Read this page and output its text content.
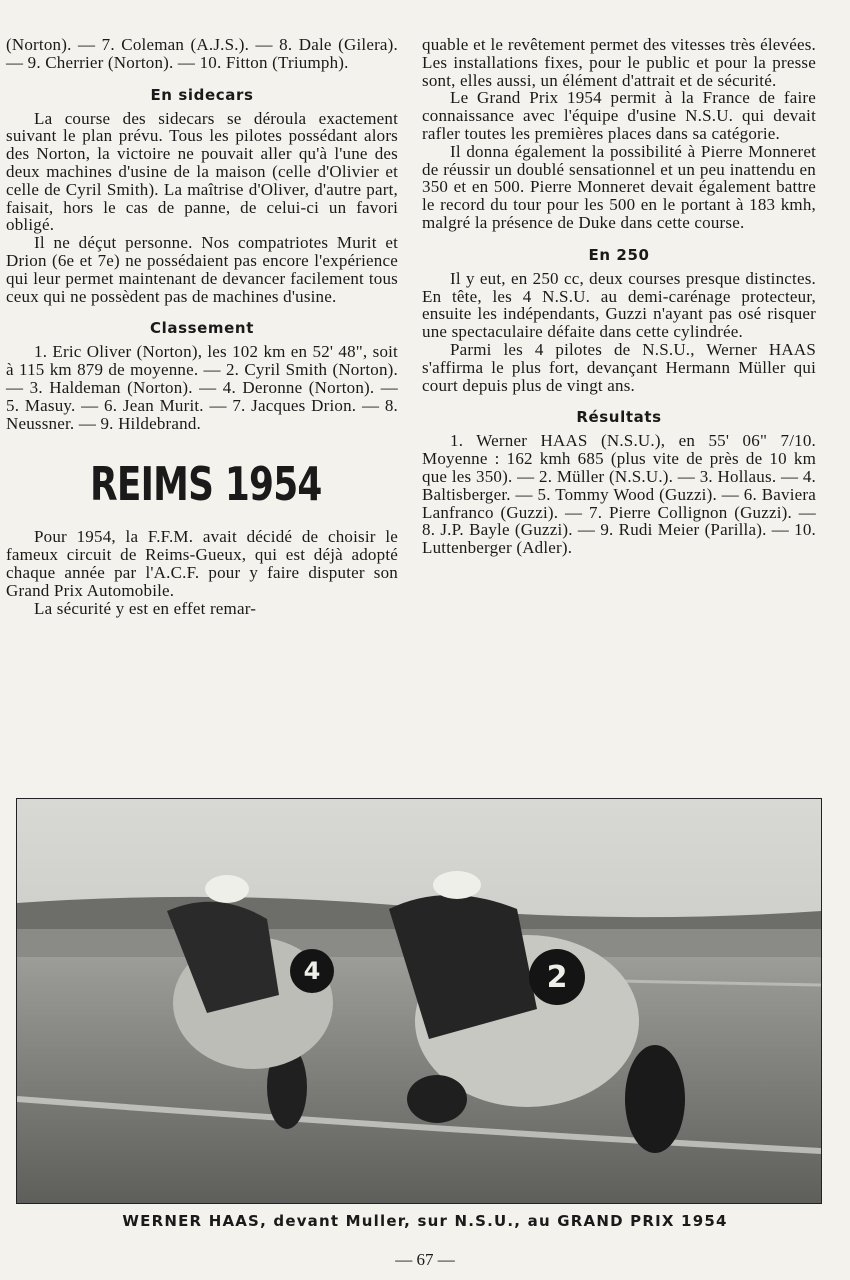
(Norton). — 7. Coleman (A.J.S.). — 8. Dale (Gilera). — 9. Cherrier (Norton). — 10. Fitton (Triumph).

En sidecars

La course des sidecars se déroula exactement suivant le plan prévu. Tous les pilotes possédant alors des Norton, la victoire ne pouvait aller qu'à l'une des deux machines d'usine de la maison (celle d'Olivier et celle de Cyril Smith). La maîtrise d'Oliver, d'autre part, faisait, hors le cas de panne, de celui-ci un favori obligé.

Il ne déçut personne. Nos compatriotes Murit et Drion (6e et 7e) ne possédaient pas encore l'expérience qui leur permet maintenant de devancer facilement tous ceux qui ne possèdent pas de machines d'usine.

Classement

1. Eric Oliver (Norton), les 102 km en 52' 48", soit à 115 km 879 de moyenne. — 2. Cyril Smith (Norton). — 3. Haldeman (Norton). — 4. Deronne (Norton). — 5. Masuy. — 6. Jean Murit. — 7. Jacques Drion. — 8. Neussner. — 9. Hildebrand.

REIMS 1954

Pour 1954, la F.F.M. avait décidé de choisir le fameux circuit de Reims-Gueux, qui est déjà adopté chaque année par l'A.C.F. pour y faire disputer son Grand Prix Automobile.

La sécurité y est en effet remar-

quable et le revêtement permet des vitesses très élevées. Les installations fixes, pour le public et pour la presse sont, elles aussi, un élément d'attrait et de sécurité.

Le Grand Prix 1954 permit à la France de faire connaissance avec l'équipe d'usine N.S.U. qui devait rafler toutes les premières places dans sa catégorie.

Il donna également la possibilité à Pierre Monneret de réussir un doublé sensationnel et un peu inattendu en 350 et en 500. Pierre Monneret devait également battre le record du tour pour les 500 en le portant à 183 kmh, malgré la présence de Duke dans cette course.

En 250

Il y eut, en 250 cc, deux courses presque distinctes. En tête, les 4 N.S.U. au demi-carénage protecteur, ensuite les indépendants, Guzzi n'ayant pas osé risquer une spectaculaire défaite dans cette cylindrée.

Parmi les 4 pilotes de N.S.U., Werner HAAS s'affirma le plus fort, devançant Hermann Müller qui court depuis plus de vingt ans.

Résultats

1. Werner HAAS (N.S.U.), en 55' 06" 7/10. Moyenne : 162 kmh 685 (plus vite de près de 10 km que les 350). — 2. Müller (N.S.U.). — 3. Hollaus. — 4. Baltisberger. — 5. Tommy Wood (Guzzi). — 6. Baviera Lanfranco (Guzzi). — 7. Pierre Collignon (Guzzi). — 8. J.P. Bayle (Guzzi). — 9. Rudi Meier (Parilla). — 10. Luttenberger (Adler).

4	2
WERNER HAAS, devant Muller, sur N.S.U., au GRAND PRIX 1954
— 67 —
